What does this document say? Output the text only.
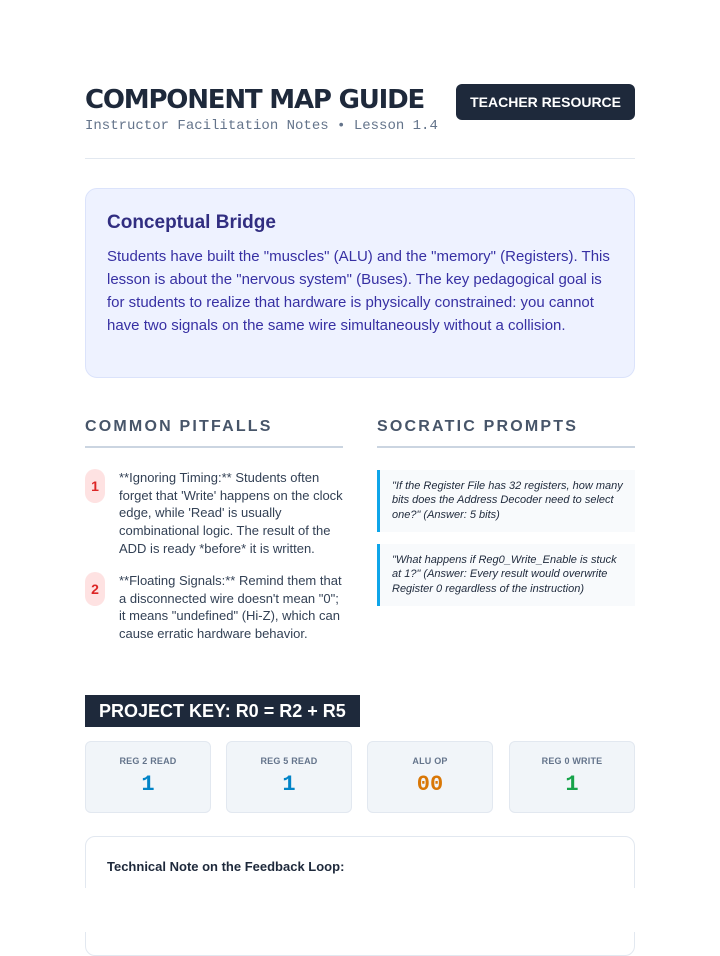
COMPONENT MAP GUIDE
Instructor Facilitation Notes • Lesson 1.4
TEACHER RESOURCE
Conceptual Bridge

Students have built the "muscles" (ALU) and the "memory" (Registers). This lesson is about the "nervous system" (Buses). The key pedagogical goal is for students to realize that hardware is physically constrained: you cannot have two signals on the same wire simultaneously without a collision.

COMMON PITFALLS	SOCRATIC PROMPTS
1
**Ignoring Timing:** Students often forget that 'Write' happens on the clock edge, while 'Read' is usually combinational logic. The result of the ADD is ready *before* it is written.
2
**Floating Signals:** Remind them that a disconnected wire doesn't mean "0"; it means "undefined" (Hi-Z), which can cause erratic hardware behavior.
"If the Register File has 32 registers, how many bits does the Address Decoder need to select one?" (Answer: 5 bits)
"What happens if Reg0_Write_Enable is stuck at 1?" (Answer: Every result would overwrite Register 0 regardless of the instruction)
PROJECT KEY: R0 = R2 + R5
REG 2 READ
1
REG 5 READ
1
ALU OP
00
REG 0 WRITE
1
Technical Note on the Feedback Loop:
